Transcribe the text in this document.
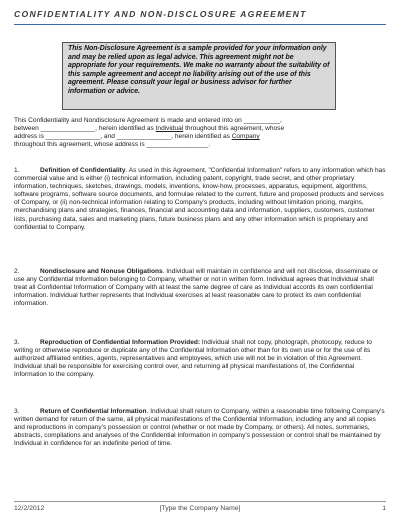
CONFIDENTIALITY AND NON-DISCLOSURE AGREEMENT
This Non-Disclosure Agreement is a sample provided for your information only and may be relied upon as legal advice. This agreement might not be appropriate for your requirements. We make no warranty about the suitability of this sample agreement and accept no liability arising out of the use of this agreement. Please consult your legal or business advisor for further information or advice.

This Confidentiality and Nondisclosure Agreement is made and entered into on __________,

between _______________, herein identified as Individual throughout this agreement, whose

address is _______________, and _______________, herein identified as Company

throughout this agreement, whose address is _________________.

1.	Definition of Confidentiality. As used in this Agreement, "Confidential Information" refers to any information which has commercial value and is either (i) technical information, including patent, copyright, trade secret, and other proprietary information, techniques, sketches, drawings, models, inventions, know-how, processes, apparatus, equipment, algorithms, software programs, software source documents, and formulae related to the current, future and proposed products and services of Company, or (ii) non-technical information relating to Company's products, including without limitation pricing, margins, merchandising plans and strategies, finances, financial and accounting data and information, suppliers, customers, customer lists, purchasing data, sales and marketing plans, future business plans and any other information which is proprietary and confidential to Company.

2.	Nondisclosure and Nonuse Obligations. Individual will maintain in confidence and will not disclose, disseminate or use any Confidential Information belonging to Company, whether or not in written form. Individual agrees that Individual shall treat all Confidential Information of Company with at least the same degree of care as Individual accords its own confidential information. Individual further represents that Individual exercises at least reasonable care to protect its own confidential information.

3.	Reproduction of Confidential Information Provided: Individual shall not copy, photograph, photocopy, reduce to writing or otherwise reproduce or duplicate any of the Confidential Information other than for its own use or for the use of its authorized affiliated entities, agents, representatives and employees, which use will not be in violation of this Agreement. Individual shall be responsible for exercising control over, and returning all physical manifestations of, the Confidential Information to the company.

3.	Return of Confidential Information. Individual shall return to Company, within a reasonable time following Company's written demand for return of the same, all physical manifestations of the Confidential Information, including any and all copies and reproductions in company's possession or control (whether or not made by Company, or others). All notes, summaries, abstracts, compilations and analyses of the Confidential Information in company's possession or control shall be maintained by Individual in confidence for an indefinite period of time.

12/2/2012	[Type the Company Name]	1
